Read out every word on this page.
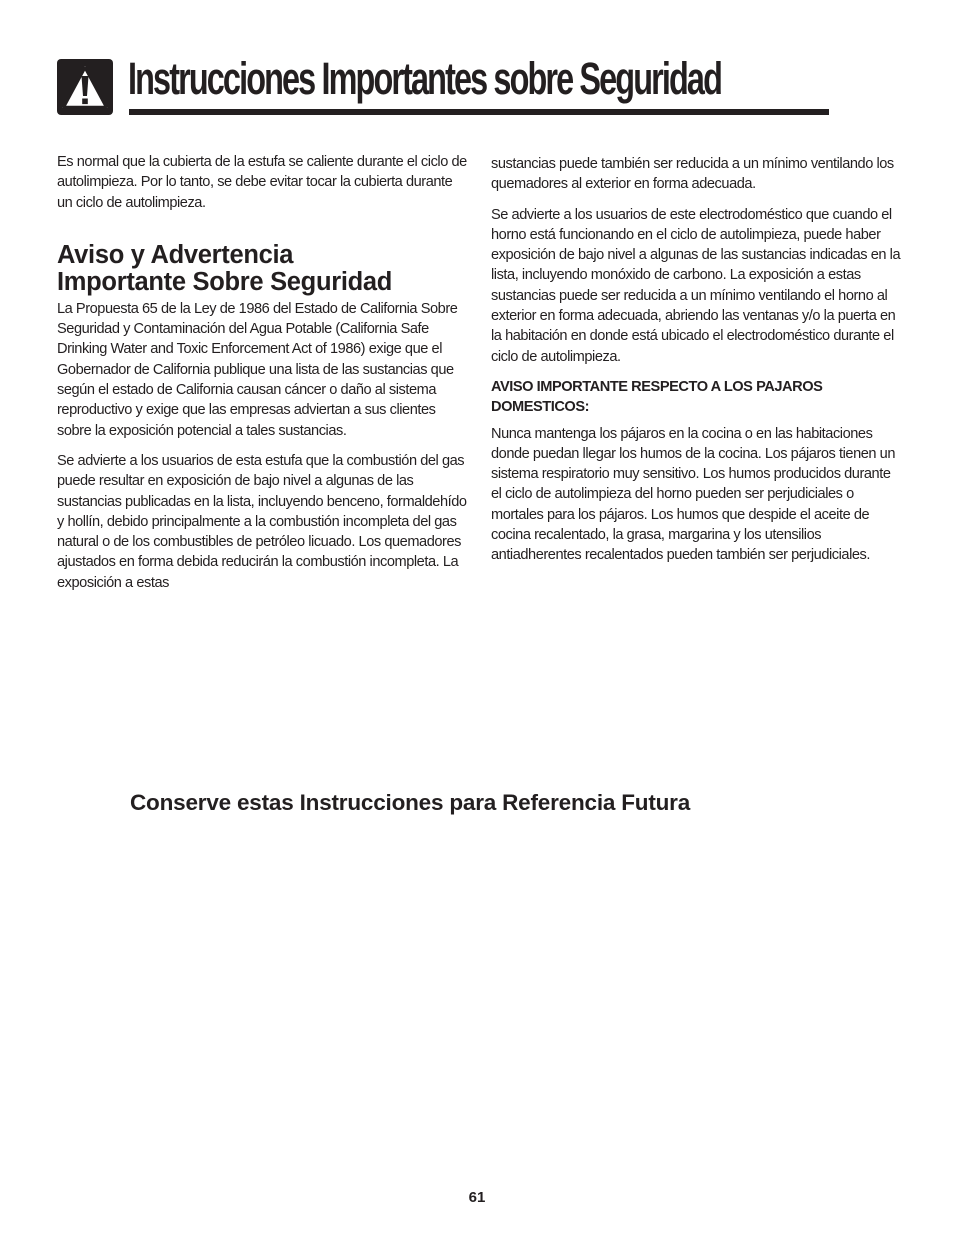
Instrucciones Importantes sobre Seguridad

Es normal que la cubierta de la estufa se caliente durante el ciclo de autolimpieza. Por lo tanto, se debe evitar tocar la cubierta durante un ciclo de autolimpieza.

Aviso y Advertencia
Importante Sobre Seguridad

La Propuesta 65 de la Ley de 1986 del Estado de California Sobre Seguridad y Contaminación del Agua Potable (California Safe Drinking Water and Toxic Enforcement Act of 1986) exige que el Gobernador de California publique una lista de las sustancias que según el estado de California causan cáncer o daño al sistema reproductivo y exige que las empresas adviertan a sus clientes sobre la exposición potencial a tales sustancias.

Se advierte a los usuarios de esta estufa que la combustión del gas puede resultar en exposición de bajo nivel a algunas de las sustancias publicadas en la lista, incluyendo benceno, formaldehído y hollín, debido principalmente a la combustión incompleta del gas natural o de los combustibles de petróleo licuado. Los quemadores ajustados en forma debida reducirán la combustión incompleta. La exposición a estas

sustancias puede también ser reducida a un mínimo ventilando los quemadores al exterior en forma adecuada.

Se advierte a los usuarios de este electrodoméstico que cuando el horno está funcionando en el ciclo de autolimpieza, puede haber exposición de bajo nivel a algunas de las sustancias indicadas en la lista, incluyendo monóxido de carbono. La exposición a estas sustancias puede ser reducida a un mínimo ventilando el horno al exterior en forma adecuada, abriendo las ventanas y/o la puerta en la habitación en donde está ubicado el electrodoméstico durante el ciclo de autolimpieza.

AVISO IMPORTANTE RESPECTO A LOS PAJAROS DOMESTICOS:

Nunca mantenga los pájaros en la cocina o en las habitaciones donde puedan llegar los humos de la cocina. Los pájaros tienen un sistema respiratorio muy sensitivo. Los humos producidos durante el ciclo de autolimpieza del horno pueden ser perjudiciales o mortales para los pájaros. Los humos que despide el aceite de cocina recalentado, la grasa, margarina y los utensilios antiadherentes recalentados pueden también ser perjudiciales.

Conserve estas Instrucciones para Referencia Futura
61
